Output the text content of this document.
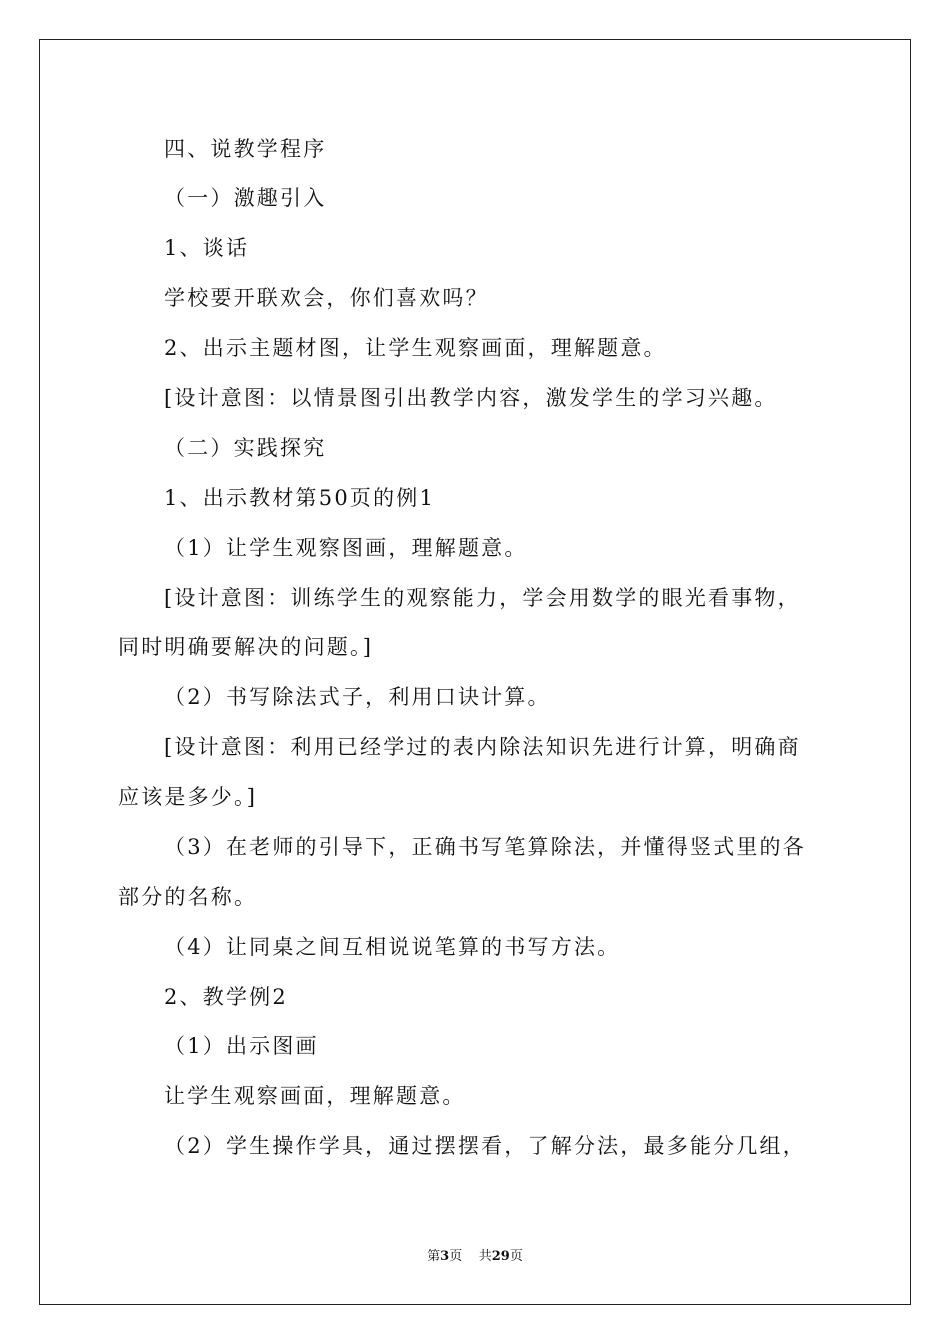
四、说教学程序
（一）激趣引入
1、谈话
学校要开联欢会，你们喜欢吗？
2、出示主题材图，让学生观察画面，理解题意。
[设计意图：以情景图引出教学内容，激发学生的学习兴趣。
（二）实践探究
1、出示教材第50页的例1
（1）让学生观察图画，理解题意。
[设计意图：训练学生的观察能力，学会用数学的眼光看事物，
同时明确要解决的问题。]
（2）书写除法式子，利用口诀计算。
[设计意图：利用已经学过的表内除法知识先进行计算，明确商
应该是多少。]
（3）在老师的引导下，正确书写笔算除法，并懂得竖式里的各
部分的名称。
（4）让同桌之间互相说说笔算的书写方法。
2、教学例2
（1）出示图画
让学生观察画面，理解题意。
（2）学生操作学具，通过摆摆看，了解分法，最多能分几组，
第3页 共29页
